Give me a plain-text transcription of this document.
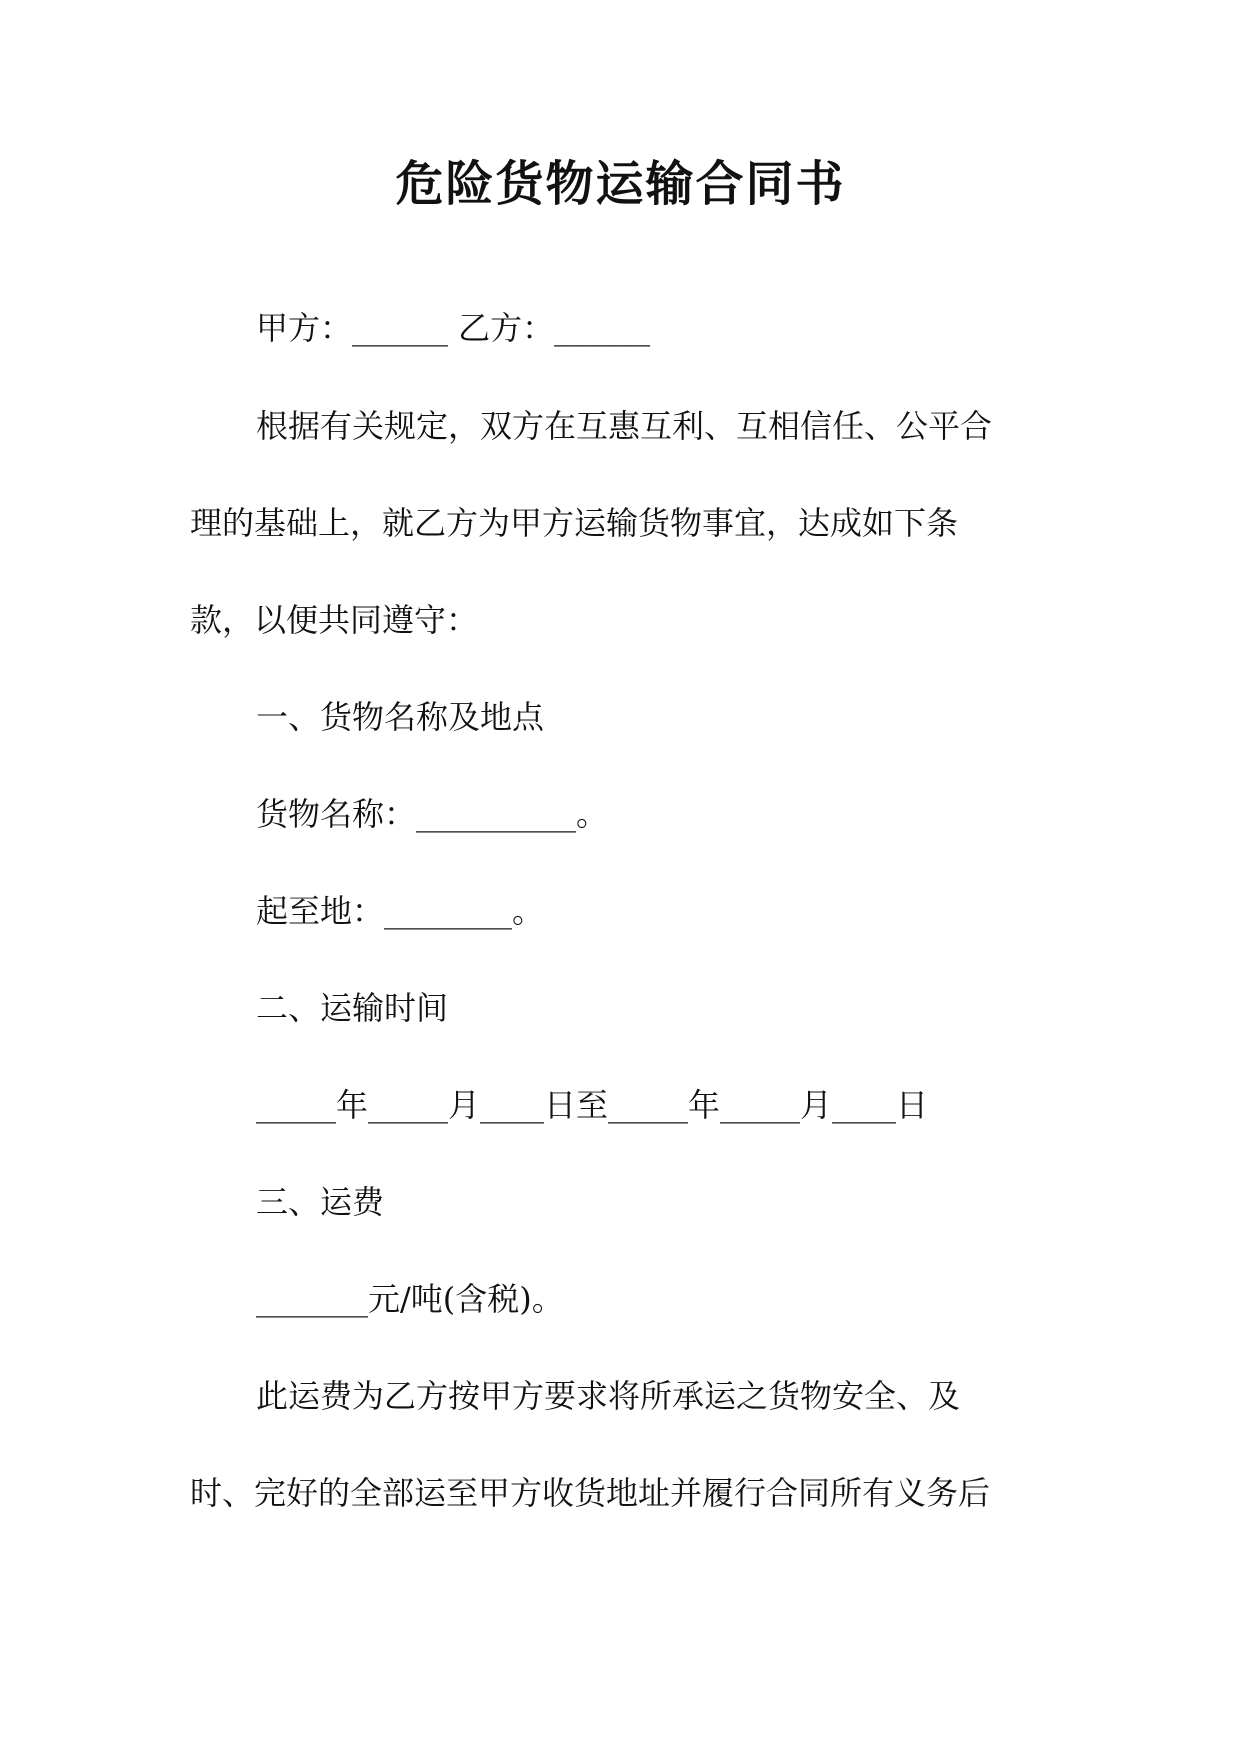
危险货物运输合同书
甲方：______ 乙方：______
根据有关规定，双方在互惠互利、互相信任、公平合
理的基础上，就乙方为甲方运输货物事宜，达成如下条
款，以便共同遵守：
一、货物名称及地点
货物名称：__________。
起至地：________。
二、运输时间
_____年_____月____日至_____年_____月____日
三、运费
_______元/吨(含税)。
此运费为乙方按甲方要求将所承运之货物安全、及
时、完好的全部运至甲方收货地址并履行合同所有义务后
